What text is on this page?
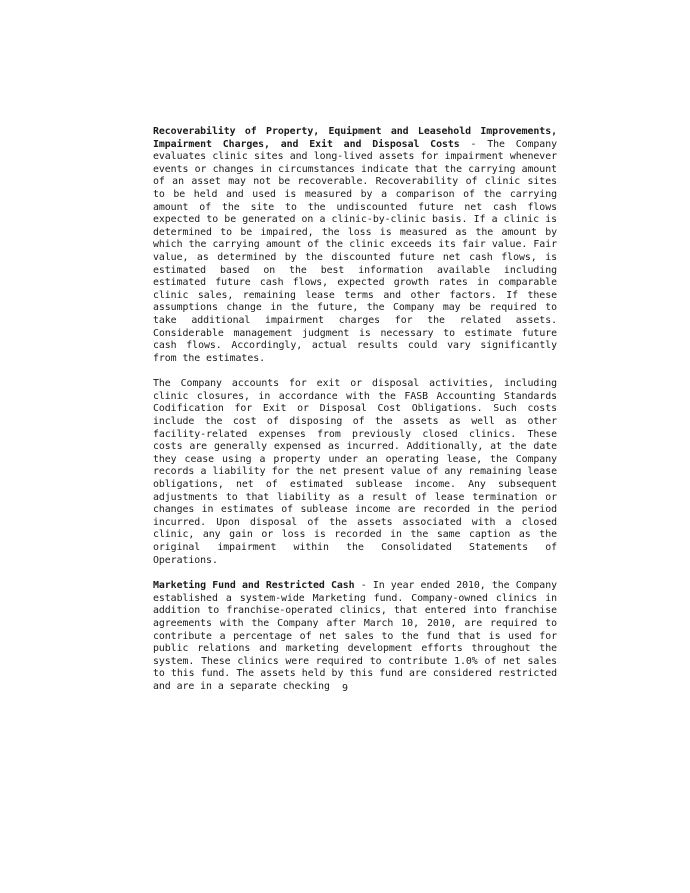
Recoverability of Property, Equipment and Leasehold Improvements, Impairment Charges, and Exit and Disposal Costs - The Company evaluates clinic sites and long-lived assets for impairment whenever events or changes in circumstances indicate that the carrying amount of an asset may not be recoverable. Recoverability of clinic sites to be held and used is measured by a comparison of the carrying amount of the site to the undiscounted future net cash flows expected to be generated on a clinic-by-clinic basis. If a clinic is determined to be impaired, the loss is measured as the amount by which the carrying amount of the clinic exceeds its fair value. Fair value, as determined by the discounted future net cash flows, is estimated based on the best information available including estimated future cash flows, expected growth rates in comparable clinic sales, remaining lease terms and other factors. If these assumptions change in the future, the Company may be required to take additional impairment charges for the related assets. Considerable management judgment is necessary to estimate future cash flows. Accordingly, actual results could vary significantly from the estimates.

The Company accounts for exit or disposal activities, including clinic closures, in accordance with the FASB Accounting Standards Codification for Exit or Disposal Cost Obligations. Such costs include the cost of disposing of the assets as well as other facility-related expenses from previously closed clinics. These costs are generally expensed as incurred. Additionally, at the date they cease using a property under an operating lease, the Company records a liability for the net present value of any remaining lease obligations, net of estimated sublease income. Any subsequent adjustments to that liability as a result of lease termination or changes in estimates of sublease income are recorded in the period incurred. Upon disposal of the assets associated with a closed clinic, any gain or loss is recorded in the same caption as the original impairment within the Consolidated Statements of Operations.

Marketing Fund and Restricted Cash - In year ended 2010, the Company established a system-wide Marketing fund. Company-owned clinics in addition to franchise-operated clinics, that entered into franchise agreements with the Company after March 10, 2010, are required to contribute a percentage of net sales to the fund that is used for public relations and marketing development efforts throughout the system. These clinics were required to contribute 1.0% of net sales to this fund. The assets held by this fund are considered restricted and are in a separate checking	9
